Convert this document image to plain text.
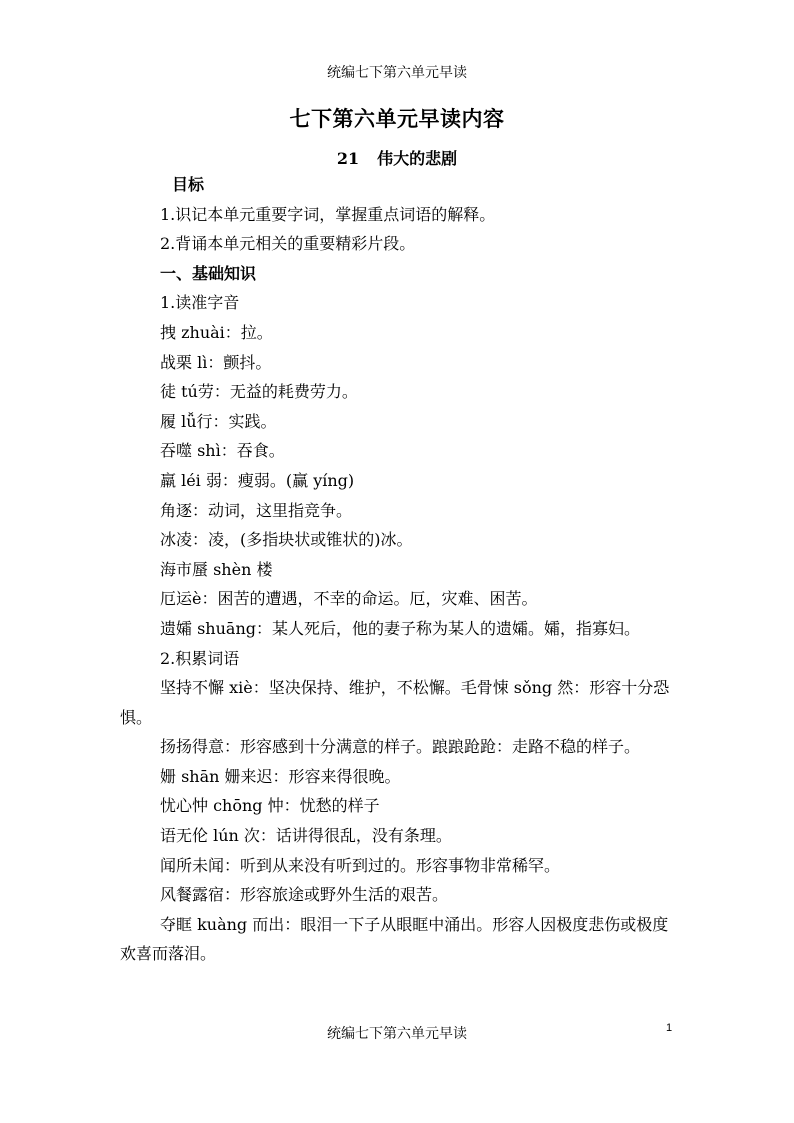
统编七下第六单元早读
七下第六单元早读内容
21 伟大的悲剧
目标
1.识记本单元重要字词，掌握重点词语的解释。
2.背诵本单元相关的重要精彩片段。
一、基础知识
1.读准字音
拽 zhuài：拉。
战栗 lì：颤抖。
徒 tú劳：无益的耗费劳力。
履 lǚ行：实践。
吞噬 shì：吞食。
羸 léi 弱：瘦弱。(赢 yíng)
角逐：动词，这里指竞争。
冰凌：凌，(多指块状或锥状的)冰。
海市蜃 shèn 楼
厄运è：困苦的遭遇，不幸的命运。厄，灾难、困苦。
遗孀 shuāng：某人死后，他的妻子称为某人的遗孀。孀，指寡妇。
2.积累词语
坚持不懈 xiè：坚决保持、维护，不松懈。毛骨悚 sǒng 然：形容十分恐惧。
扬扬得意：形容感到十分满意的样子。踉踉跄跄：走路不稳的样子。
姗 shān 姗来迟：形容来得很晚。
忧心忡 chōng 忡：忧愁的样子
语无伦 lún 次：话讲得很乱，没有条理。
闻所未闻：听到从来没有听到过的。形容事物非常稀罕。
风餐露宿：形容旅途或野外生活的艰苦。
夺眶 kuàng 而出：眼泪一下子从眼眶中涌出。形容人因极度悲伤或极度欢喜而落泪。
统编七下第六单元早读	1
